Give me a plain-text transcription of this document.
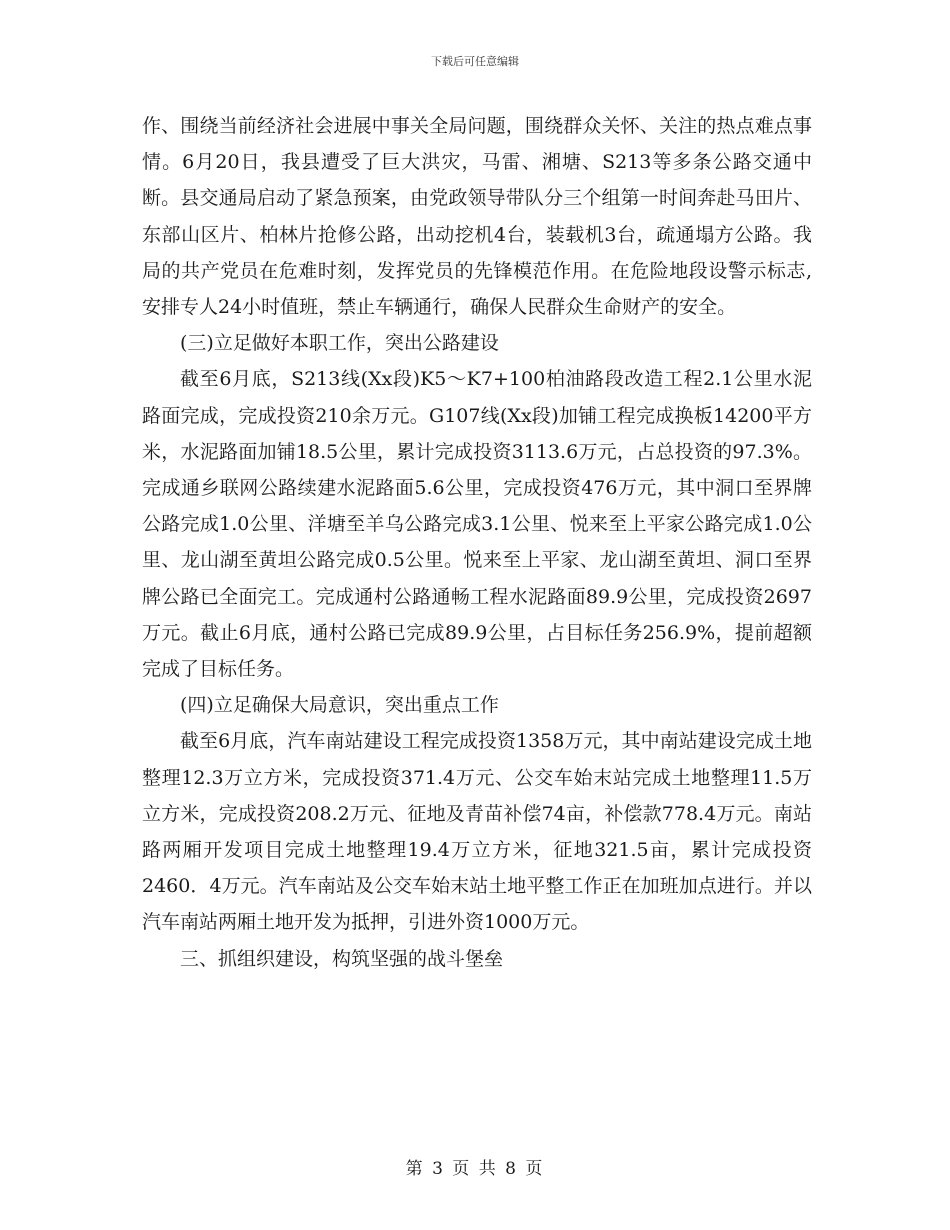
下载后可任意编辑

作、围绕当前经济社会进展中事关全局问题，围绕群众关怀、关注的热点难点事情。6月20日，我县遭受了巨大洪灾，马雷、湘塘、S213等多条公路交通中断。县交通局启动了紧急预案，由党政领导带队分三个组第一时间奔赴马田片、东部山区片、柏林片抢修公路，出动挖机4台，装载机3台，疏通塌方公路。我局的共产党员在危难时刻，发挥党员的先锋模范作用。在危险地段设警示标志,安排专人24小时值班，禁止车辆通行，确保人民群众生命财产的安全。

(三)立足做好本职工作，突出公路建设

截至6月底，S213线(Xx段)K5～K7+100柏油路段改造工程2.1公里水泥路面完成，完成投资210余万元。G107线(Xx段)加铺工程完成换板14200平方米，水泥路面加铺18.5公里，累计完成投资3113.6万元，占总投资的97.3%。完成通乡联网公路续建水泥路面5.6公里，完成投资476万元，其中洞口至界牌公路完成1.0公里、洋塘至羊乌公路完成3.1公里、悦来至上平家公路完成1.0公里、龙山湖至黄坦公路完成0.5公里。悦来至上平家、龙山湖至黄坦、洞口至界牌公路已全面完工。完成通村公路通畅工程水泥路面89.9公里，完成投资2697万元。截止6月底，通村公路已完成89.9公里，占目标任务256.9%，提前超额完成了目标任务。

(四)立足确保大局意识，突出重点工作

截至6月底，汽车南站建设工程完成投资1358万元，其中南站建设完成土地整理12.3万立方米，完成投资371.4万元、公交车始末站完成土地整理11.5万立方米，完成投资208.2万元、征地及青苗补偿74亩，补偿款778.4万元。南站路两厢开发项目完成土地整理19.4万立方米，征地321.5亩，累计完成投资2460．4万元。汽车南站及公交车始末站土地平整工作正在加班加点进行。并以汽车南站两厢土地开发为抵押，引进外资1000万元。

三、抓组织建设，构筑坚强的战斗堡垒

第 3 页 共 8 页
